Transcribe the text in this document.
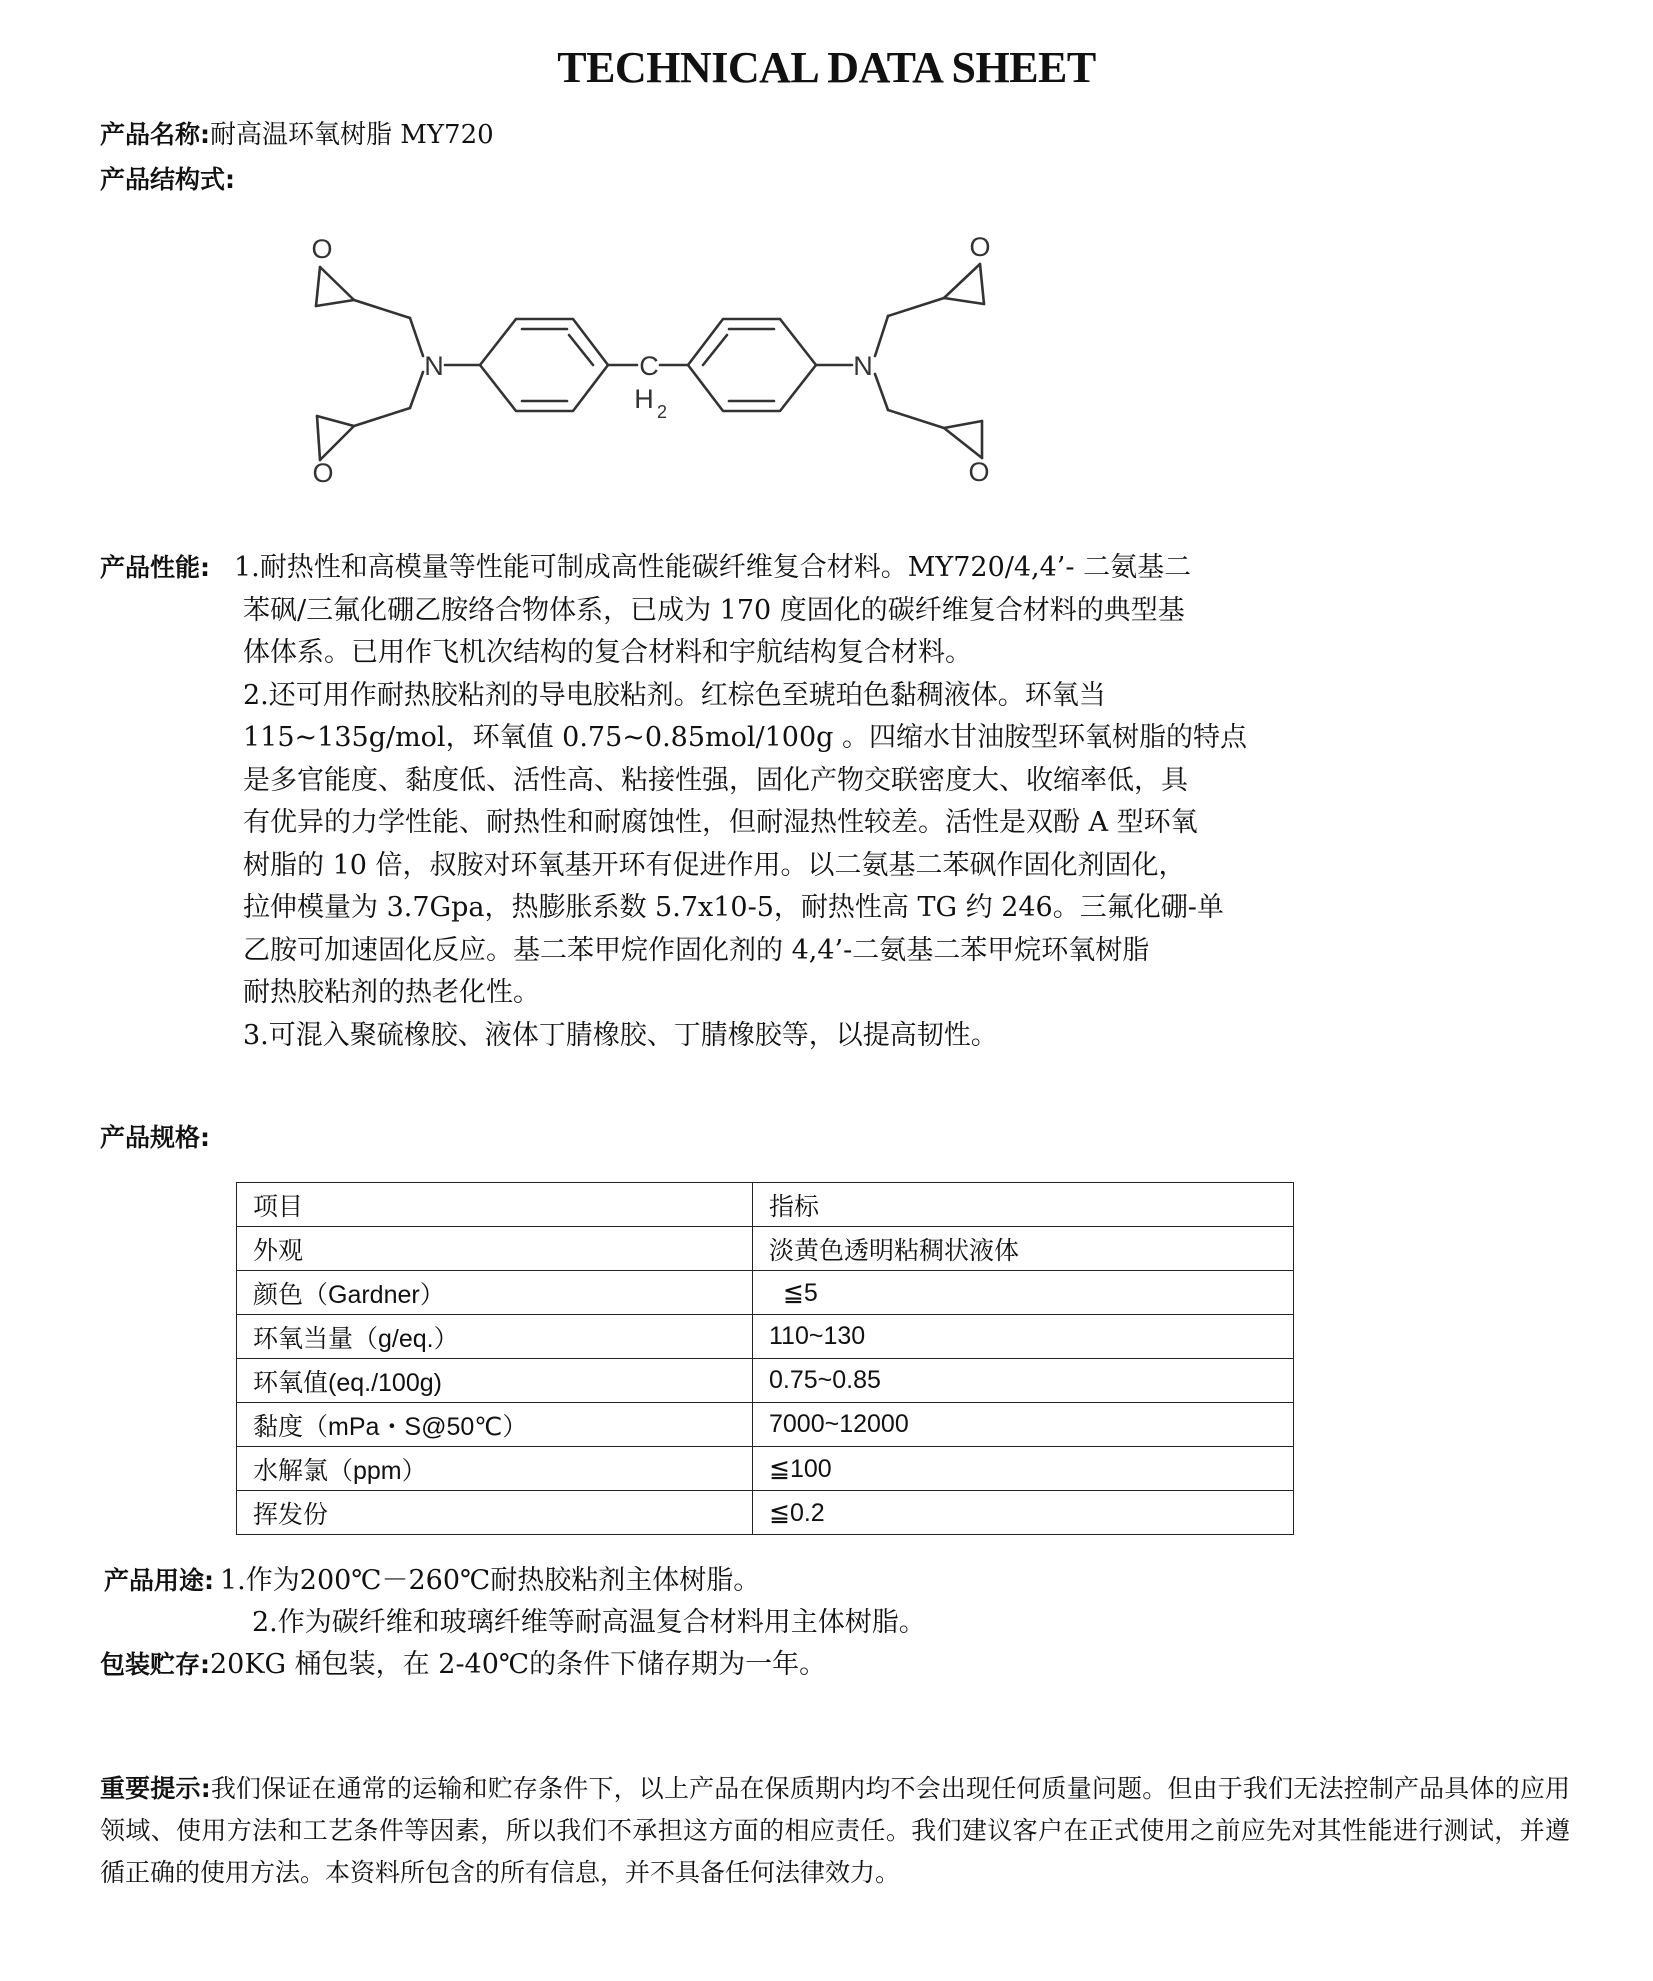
TECHNICAL DATA SHEET
产品名称:耐高温环氧树脂 MY720
产品结构式:
O
O
N	C
H 2
N
O
O
产品性能: 1.耐热性和高模量等性能可制成高性能碳纤维复合材料。MY720/4,4’- 二氨基二
苯砜/三氟化硼乙胺络合物体系，已成为 170 度固化的碳纤维复合材料的典型基
体体系。已用作飞机次结构的复合材料和宇航结构复合材料。
2.还可用作耐热胶粘剂的导电胶粘剂。红棕色至琥珀色黏稠液体。环氧当
115~135g/mol，环氧值 0.75~0.85mol/100g 。四缩水甘油胺型环氧树脂的特点
是多官能度、黏度低、活性高、粘接性强，固化产物交联密度大、收缩率低，具
有优异的力学性能、耐热性和耐腐蚀性，但耐湿热性较差。活性是双酚 A 型环氧
树脂的 10 倍，叔胺对环氧基开环有促进作用。以二氨基二苯砜作固化剂固化，
拉伸模量为 3.7Gpa，热膨胀系数 5.7x10-5，耐热性高 TG 约 246。三氟化硼-单
乙胺可加速固化反应。基二苯甲烷作固化剂的 4,4’-二氨基二苯甲烷环氧树脂
耐热胶粘剂的热老化性。
3.可混入聚硫橡胶、液体丁腈橡胶、丁腈橡胶等，以提高韧性。
产品规格:
项目	指标
外观	淡黄色透明粘稠状液体
颜色（Gardner）	≦5
环氧当量（g/eq.）	110~130
环氧值(eq./100g)	0.75~0.85
黏度（mPa・S@50℃）	7000~12000
水解氯（ppm）	≦100
挥发份	≦0.2
产品用途: 1.作为200℃－260℃耐热胶粘剂主体树脂。
2.作为碳纤维和玻璃纤维等耐高温复合材料用主体树脂。
包装贮存:20KG 桶包装，在 2-40℃的条件下储存期为一年。
重要提示:我们保证在通常的运输和贮存条件下，以上产品在保质期内均不会出现任何质量问题。但由于我们无法控制产品具体的应用领域、使用方法和工艺条件等因素，所以我们不承担这方面的相应责任。我们建议客户在正式使用之前应先对其性能进行测试，并遵循正确的使用方法。本资料所包含的所有信息，并不具备任何法律效力。
